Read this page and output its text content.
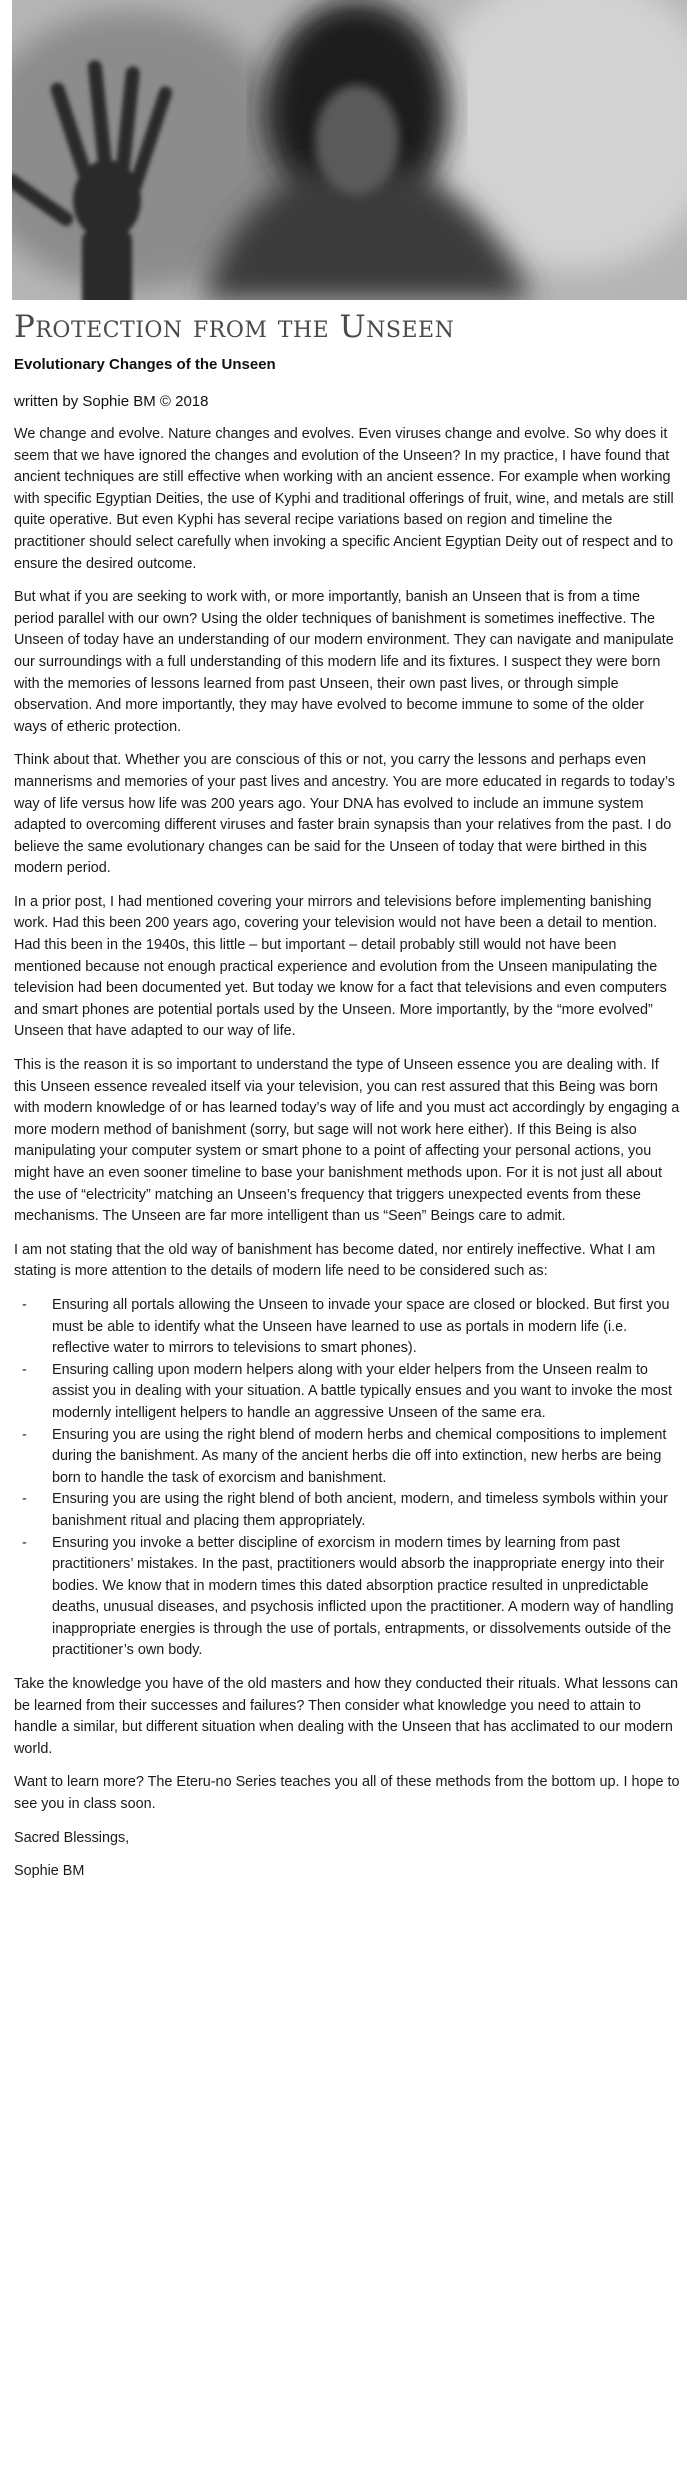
Protection from the Unseen

Evolutionary Changes of the Unseen

written by Sophie BM © 2018

We change and evolve. Nature changes and evolves. Even viruses change and evolve. So why does it seem that we have ignored the changes and evolution of the Unseen? In my practice, I have found that ancient techniques are still effective when working with an ancient essence. For example when working with specific Egyptian Deities, the use of Kyphi and traditional offerings of fruit, wine, and metals are still quite operative. But even Kyphi has several recipe variations based on region and timeline the practitioner should select carefully when invoking a specific Ancient Egyptian Deity out of respect and to ensure the desired outcome.

But what if you are seeking to work with, or more importantly, banish an Unseen that is from a time period parallel with our own? Using the older techniques of banishment is sometimes ineffective. The Unseen of today have an understanding of our modern environment. They can navigate and manipulate our surroundings with a full understanding of this modern life and its fixtures. I suspect they were born with the memories of lessons learned from past Unseen, their own past lives, or through simple observation. And more importantly, they may have evolved to become immune to some of the older ways of etheric protection.

Think about that. Whether you are conscious of this or not, you carry the lessons and perhaps even mannerisms and memories of your past lives and ancestry. You are more educated in regards to today’s way of life versus how life was 200 years ago. Your DNA has evolved to include an immune system adapted to overcoming different viruses and faster brain synapsis than your relatives from the past. I do believe the same evolutionary changes can be said for the Unseen of today that were birthed in this modern period.

In a prior post, I had mentioned covering your mirrors and televisions before implementing banishing work. Had this been 200 years ago, covering your television would not have been a detail to mention. Had this been in the 1940s, this little – but important – detail probably still would not have been mentioned because not enough practical experience and evolution from the Unseen manipulating the television had been documented yet. But today we know for a fact that televisions and even computers and smart phones are potential portals used by the Unseen. More importantly, by the “more evolved” Unseen that have adapted to our way of life.

This is the reason it is so important to understand the type of Unseen essence you are dealing with. If this Unseen essence revealed itself via your television, you can rest assured that this Being was born with modern knowledge of or has learned today’s way of life and you must act accordingly by engaging a more modern method of banishment (sorry, but sage will not work here either). If this Being is also manipulating your computer system or smart phone to a point of affecting your personal actions, you might have an even sooner timeline to base your banishment methods upon. For it is not just all about the use of “electricity” matching an Unseen’s frequency that triggers unexpected events from these mechanisms. The Unseen are far more intelligent than us “Seen” Beings care to admit.

I am not stating that the old way of banishment has become dated, nor entirely ineffective. What I am stating is more attention to the details of modern life need to be considered such as:

- Ensuring all portals allowing the Unseen to invade your space are closed or blocked. But first you must be able to identify what the Unseen have learned to use as portals in modern life (i.e. reflective water to mirrors to televisions to smart phones).
- Ensuring calling upon modern helpers along with your elder helpers from the Unseen realm to assist you in dealing with your situation. A battle typically ensues and you want to invoke the most modernly intelligent helpers to handle an aggressive Unseen of the same era.
- Ensuring you are using the right blend of modern herbs and chemical compositions to implement during the banishment. As many of the ancient herbs die off into extinction, new herbs are being born to handle the task of exorcism and banishment.
- Ensuring you are using the right blend of both ancient, modern, and timeless symbols within your banishment ritual and placing them appropriately.
- Ensuring you invoke a better discipline of exorcism in modern times by learning from past practitioners’ mistakes. In the past, practitioners would absorb the inappropriate energy into their bodies. We know that in modern times this dated absorption practice resulted in unpredictable deaths, unusual diseases, and psychosis inflicted upon the practitioner. A modern way of handling inappropriate energies is through the use of portals, entrapments, or dissolvements outside of the practitioner’s own body.

Take the knowledge you have of the old masters and how they conducted their rituals. What lessons can be learned from their successes and failures? Then consider what knowledge you need to attain to handle a similar, but different situation when dealing with the Unseen that has acclimated to our modern world.

Want to learn more? The Eteru-no Series teaches you all of these methods from the bottom up. I hope to see you in class soon.

Sacred Blessings,

Sophie BM
